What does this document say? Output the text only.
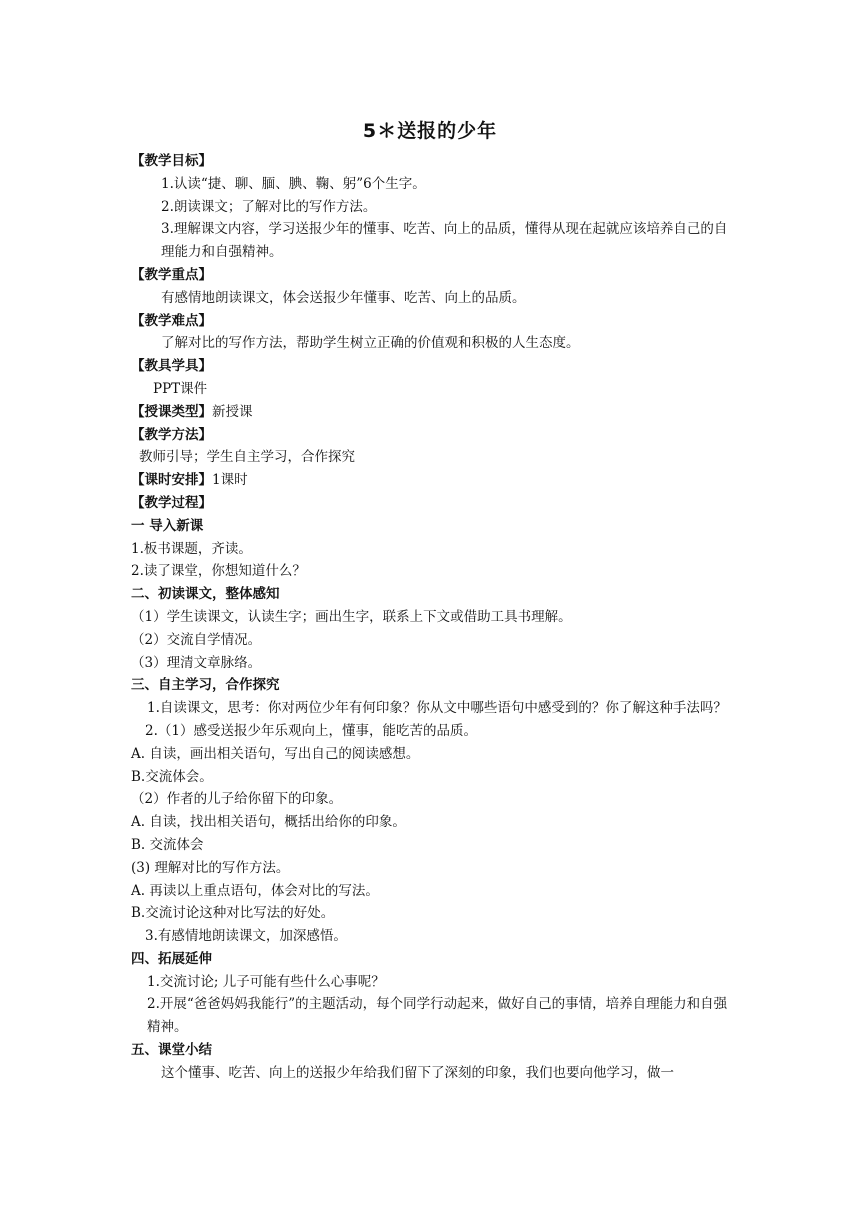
5＊送报的少年
【教学目标】
1.认读“捷、聊、腼、腆、鞠、躬”6个生字。
2.朗读课文；了解对比的写作方法。
3.理解课文内容，学习送报少年的懂事、吃苦、向上的品质，懂得从现在起就应该培养自己的自理能力和自强精神。
【教学重点】
有感情地朗读课文，体会送报少年懂事、吃苦、向上的品质。
【教学难点】
了解对比的写作方法，帮助学生树立正确的价值观和积极的人生态度。
【教具学具】
PPT课件
【授课类型】新授课
【教学方法】
教师引导；学生自主学习，合作探究
【课时安排】1课时
【教学过程】
一 导入新课
1.板书课题，齐读。
2.读了课堂，你想知道什么？
二、初读课文，整体感知
（1）学生读课文，认读生字；画出生字，联系上下文或借助工具书理解。
（2）交流自学情况。
（3）理清文章脉络。
三、自主学习，合作探究
1.自读课文，思考：你对两位少年有何印象？你从文中哪些语句中感受到的？你了解这种手法吗？
2.（1）感受送报少年乐观向上，懂事，能吃苦的品质。
A. 自读，画出相关语句，写出自己的阅读感想。
B.交流体会。
（2）作者的儿子给你留下的印象。
A. 自读，找出相关语句，概括出给你的印象。
B. 交流体会
(3) 理解对比的写作方法。
A. 再读以上重点语句，体会对比的写法。
B.交流讨论这种对比写法的好处。
3.有感情地朗读课文，加深感悟。
四、拓展延伸
1.交流讨论; 儿子可能有些什么心事呢？
2.开展“爸爸妈妈我能行”的主题活动，每个同学行动起来，做好自己的事情，培养自理能力和自强精神。
五、课堂小结
这个懂事、吃苦、向上的送报少年给我们留下了深刻的印象，我们也要向他学习，做一
